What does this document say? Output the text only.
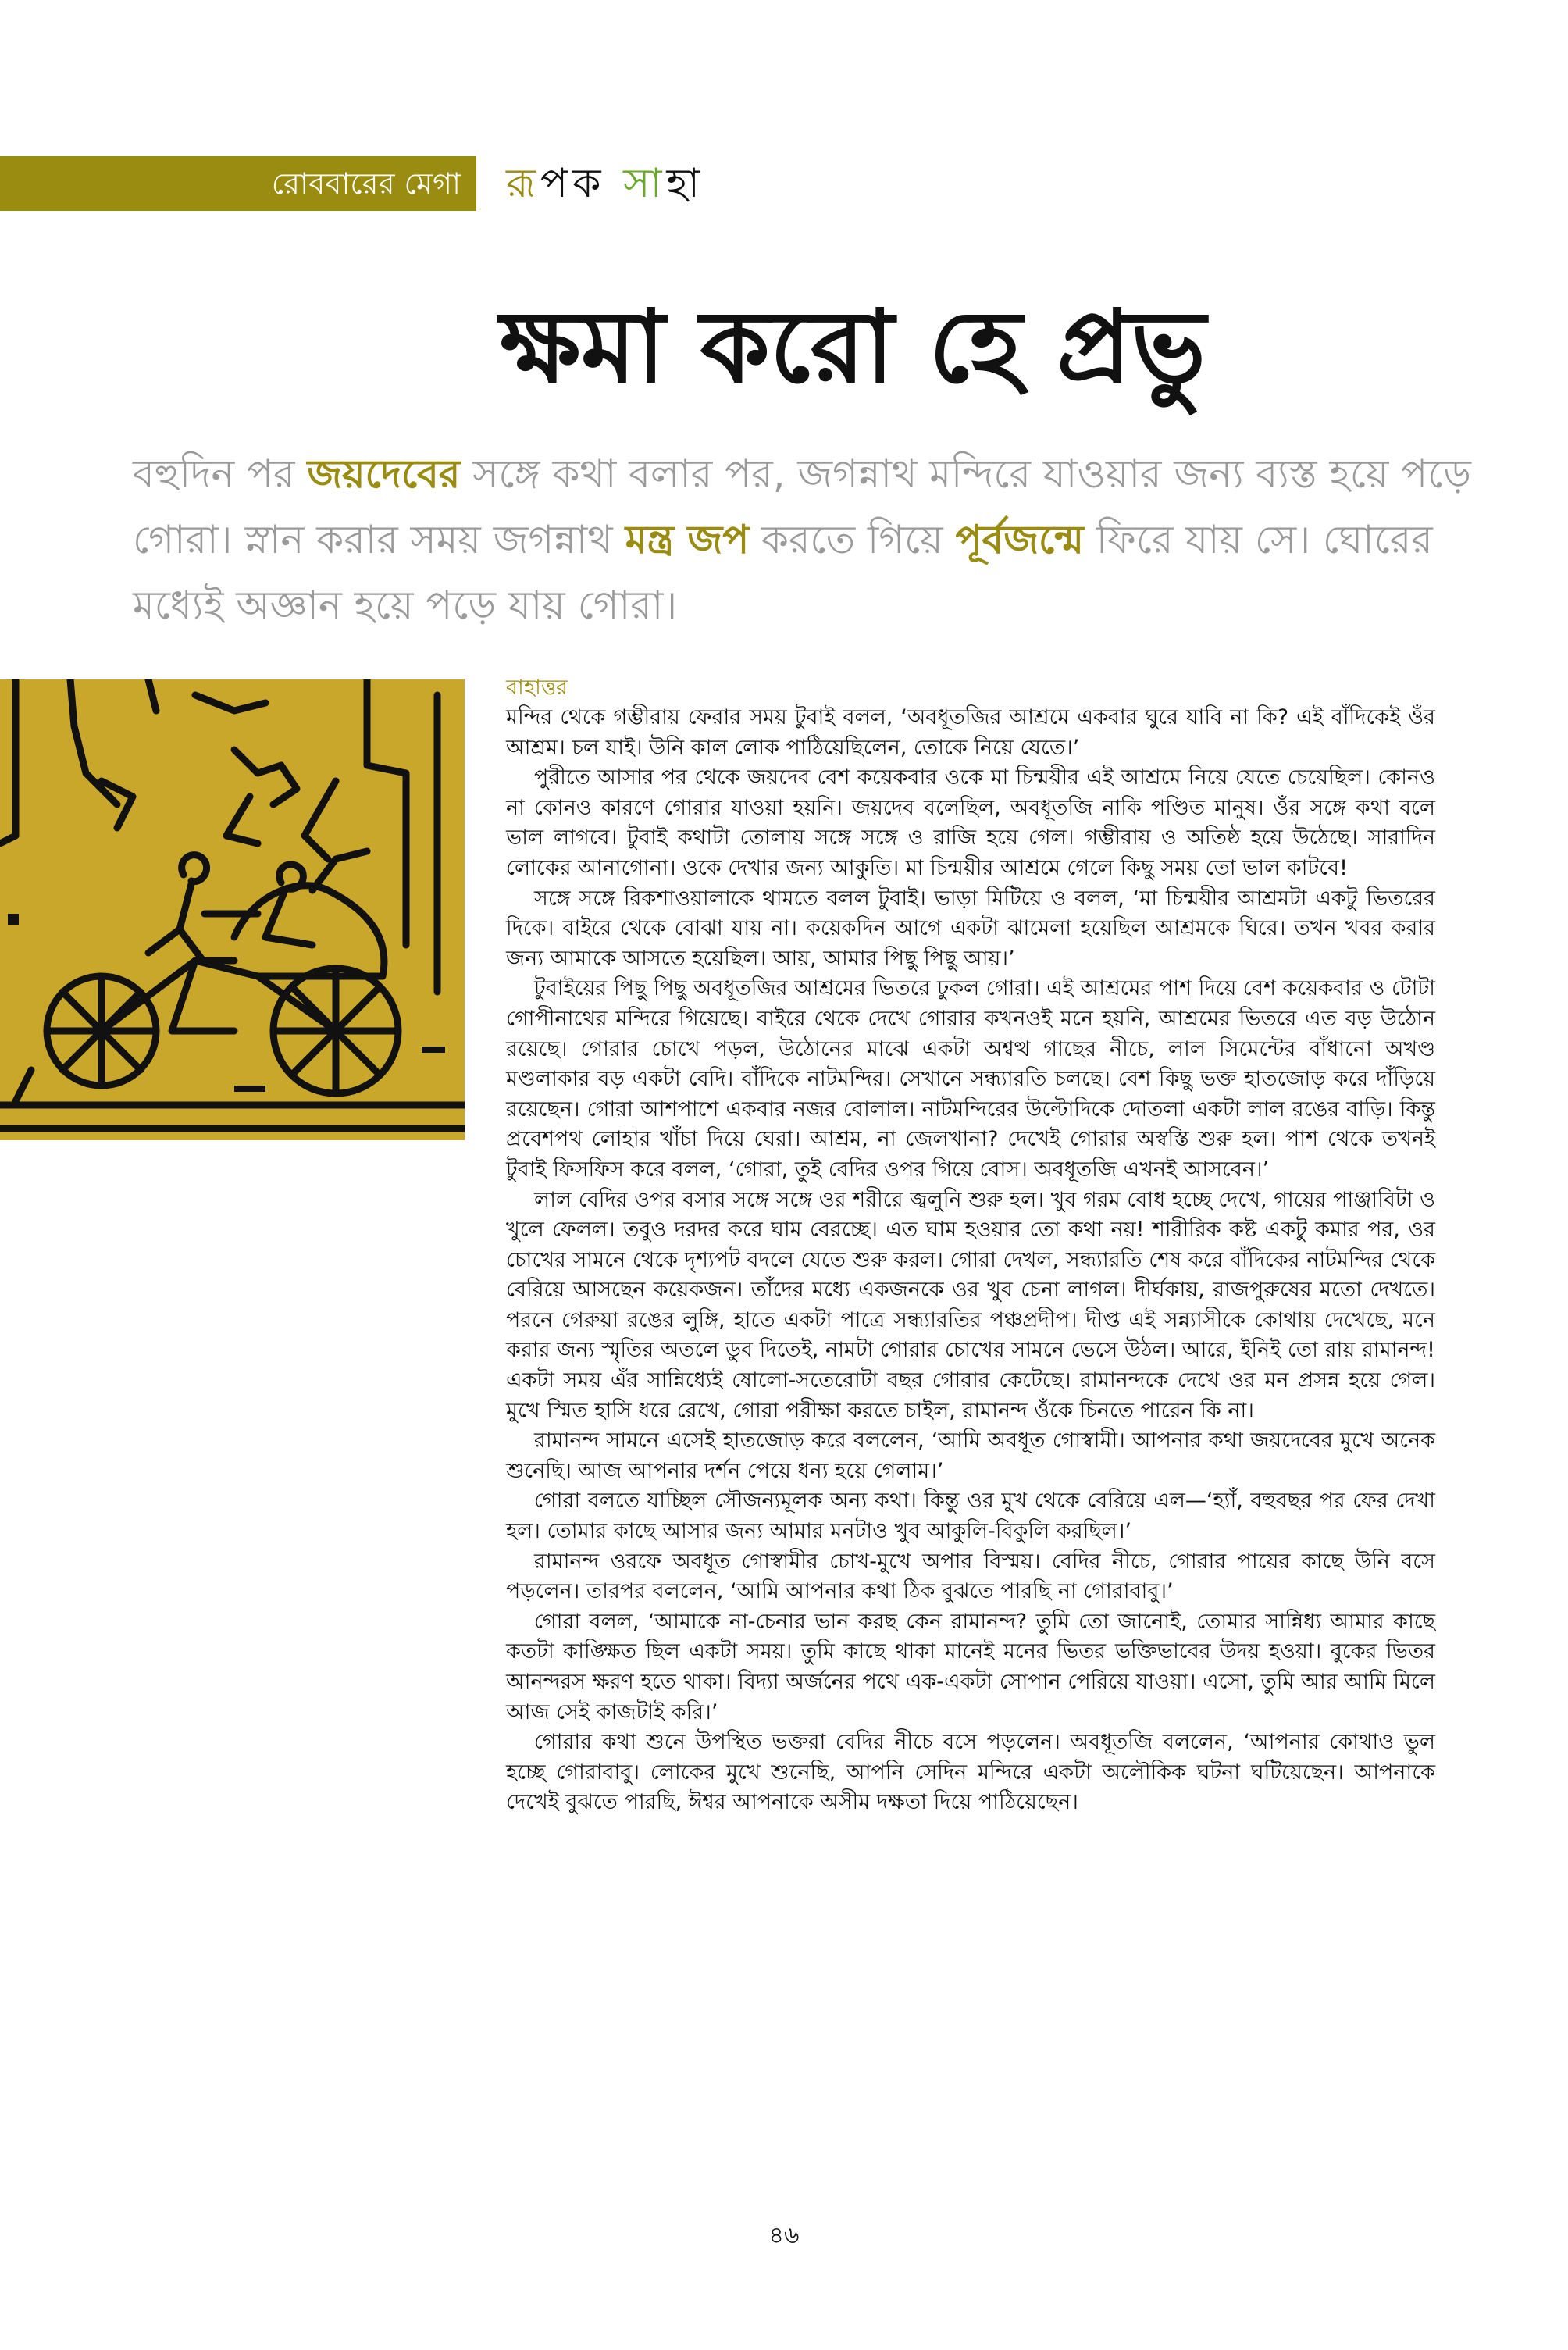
রোববারের মেগা রূপক সাহা
ক্ষমা করো হে প্রভু
বহুদিন পর জয়দেবের সঙ্গে কথা বলার পর, জগন্নাথ মন্দিরে যাওয়ার জন্য ব্যস্ত হয়ে পড়ে গোরা। স্নান করার সময় জগন্নাথ মন্ত্র জপ করতে গিয়ে পূর্বজন্মে ফিরে যায় সে। ঘোরের মধ্যেই অজ্ঞান হয়ে পড়ে যায় গোরা।

বাহাত্তর

মন্দির থেকে গম্ভীরায় ফেরার সময় টুবাই বলল, ‘অবধূতজির আশ্রমে একবার ঘুরে যাবি না কি? এই বাঁদিকেই ওঁর আশ্রম। চল যাই। উনি কাল লোক পাঠিয়েছিলেন, তোকে নিয়ে যেতে।’

পুরীতে আসার পর থেকে জয়দেব বেশ কয়েকবার ওকে মা চিন্ময়ীর এই আশ্রমে নিয়ে যেতে চেয়েছিল। কোনও না কোনও কারণে গোরার যাওয়া হয়নি। জয়দেব বলেছিল, অবধূতজি নাকি পণ্ডিত মানুষ। ওঁর সঙ্গে কথা বলে ভাল লাগবে। টুবাই কথাটা তোলায় সঙ্গে সঙ্গে ও রাজি হয়ে গেল। গম্ভীরায় ও অতিষ্ঠ হয়ে উঠেছে। সারাদিন লোকের আনাগোনা। ওকে দেখার জন্য আকুতি। মা চিন্ময়ীর আশ্রমে গেলে কিছু সময় তো ভাল কাটবে!

সঙ্গে সঙ্গে রিকশাওয়ালাকে থামতে বলল টুবাই। ভাড়া মিটিয়ে ও বলল, ‘মা চিন্ময়ীর আশ্রমটা একটু ভিতরের দিকে। বাইরে থেকে বোঝা যায় না। কয়েকদিন আগে একটা ঝামেলা হয়েছিল আশ্রমকে ঘিরে। তখন খবর করার জন্য আমাকে আসতে হয়েছিল। আয়, আমার পিছু পিছু আয়।’

টুবাইয়ের পিছু পিছু অবধূতজির আশ্রমের ভিতরে ঢুকল গোরা। এই আশ্রমের পাশ দিয়ে বেশ কয়েকবার ও টোটা গোপীনাথের মন্দিরে গিয়েছে। বাইরে থেকে দেখে গোরার কখনওই মনে হয়নি, আশ্রমের ভিতরে এত বড় উঠোন রয়েছে। গোরার চোখে পড়ল, উঠোনের মাঝে একটা অশ্বত্থ গাছের নীচে, লাল সিমেন্টের বাঁধানো অখণ্ড মণ্ডলাকার বড় একটা বেদি। বাঁদিকে নাটমন্দির। সেখানে সন্ধ্যারতি চলছে। বেশ কিছু ভক্ত হাতজোড় করে দাঁড়িয়ে রয়েছেন। গোরা আশপাশে একবার নজর বোলাল। নাটমন্দিরের উল্টোদিকে দোতলা একটা লাল রঙের বাড়ি। কিন্তু প্রবেশপথ লোহার খাঁচা দিয়ে ঘেরা। আশ্রম, না জেলখানা? দেখেই গোরার অস্বস্তি শুরু হল। পাশ থেকে তখনই টুবাই ফিসফিস করে বলল, ‘গোরা, তুই বেদির ওপর গিয়ে বোস। অবধূতজি এখনই আসবেন।’

লাল বেদির ওপর বসার সঙ্গে সঙ্গে ওর শরীরে জ্বলুনি শুরু হল। খুব গরম বোধ হচ্ছে দেখে, গায়ের পাঞ্জাবিটা ও খুলে ফেলল। তবুও দরদর করে ঘাম বেরচ্ছে। এত ঘাম হওয়ার তো কথা নয়! শারীরিক কষ্ট একটু কমার পর, ওর চোখের সামনে থেকে দৃশ্যপট বদলে যেতে শুরু করল। গোরা দেখল, সন্ধ্যারতি শেষ করে বাঁদিকের নাটমন্দির থেকে বেরিয়ে আসছেন কয়েকজন। তাঁদের মধ্যে একজনকে ওর খুব চেনা লাগল। দীর্ঘকায়, রাজপুরুষের মতো দেখতে। পরনে গেরুয়া রঙের লুঙ্গি, হাতে একটা পাত্রে সন্ধ্যারতির পঞ্চপ্রদীপ। দীপ্ত এই সন্ন্যাসীকে কোথায় দেখেছে, মনে করার জন্য স্মৃতির অতলে ডুব দিতেই, নামটা গোরার চোখের সামনে ভেসে উঠল। আরে, ইনিই তো রায় রামানন্দ! একটা সময় এঁর সান্নিধ্যেই ষোলো-সতেরোটা বছর গোরার কেটেছে। রামানন্দকে দেখে ওর মন প্রসন্ন হয়ে গেল। মুখে স্মিত হাসি ধরে রেখে, গোরা পরীক্ষা করতে চাইল, রামানন্দ ওঁকে চিনতে পারেন কি না।

রামানন্দ সামনে এসেই হাতজোড় করে বললেন, ‘আমি অবধূত গোস্বামী। আপনার কথা জয়দেবের মুখে অনেক শুনেছি। আজ আপনার দর্শন পেয়ে ধন্য হয়ে গেলাম।’

গোরা বলতে যাচ্ছিল সৌজন্যমূলক অন্য কথা। কিন্তু ওর মুখ থেকে বেরিয়ে এল—‘হ্যাঁ, বহুবছর পর ফের দেখা হল। তোমার কাছে আসার জন্য আমার মনটাও খুব আকুলি-বিকুলি করছিল।’

রামানন্দ ওরফে অবধূত গোস্বামীর চোখ-মুখে অপার বিস্ময়। বেদির নীচে, গোরার পায়ের কাছে উনি বসে পড়লেন। তারপর বললেন, ‘আমি আপনার কথা ঠিক বুঝতে পারছি না গোরাবাবু।’

গোরা বলল, ‘আমাকে না-চেনার ভান করছ কেন রামানন্দ? তুমি তো জানোই, তোমার সান্নিধ্য আমার কাছে কতটা কাঙ্ক্ষিত ছিল একটা সময়। তুমি কাছে থাকা মানেই মনের ভিতর ভক্তিভাবের উদয় হওয়া। বুকের ভিতর আনন্দরস ক্ষরণ হতে থাকা। বিদ্যা অর্জনের পথে এক-একটা সোপান পেরিয়ে যাওয়া। এসো, তুমি আর আমি মিলে আজ সেই কাজটাই করি।’

গোরার কথা শুনে উপস্থিত ভক্তরা বেদির নীচে বসে পড়লেন। অবধূতজি বললেন, ‘আপনার কোথাও ভুল হচ্ছে গোরাবাবু। লোকের মুখে শুনেছি, আপনি সেদিন মন্দিরে একটা অলৌকিক ঘটনা ঘটিয়েছেন। আপনাকে দেখেই বুঝতে পারছি, ঈশ্বর আপনাকে অসীম দক্ষতা দিয়ে পাঠিয়েছেন।

৪৬
